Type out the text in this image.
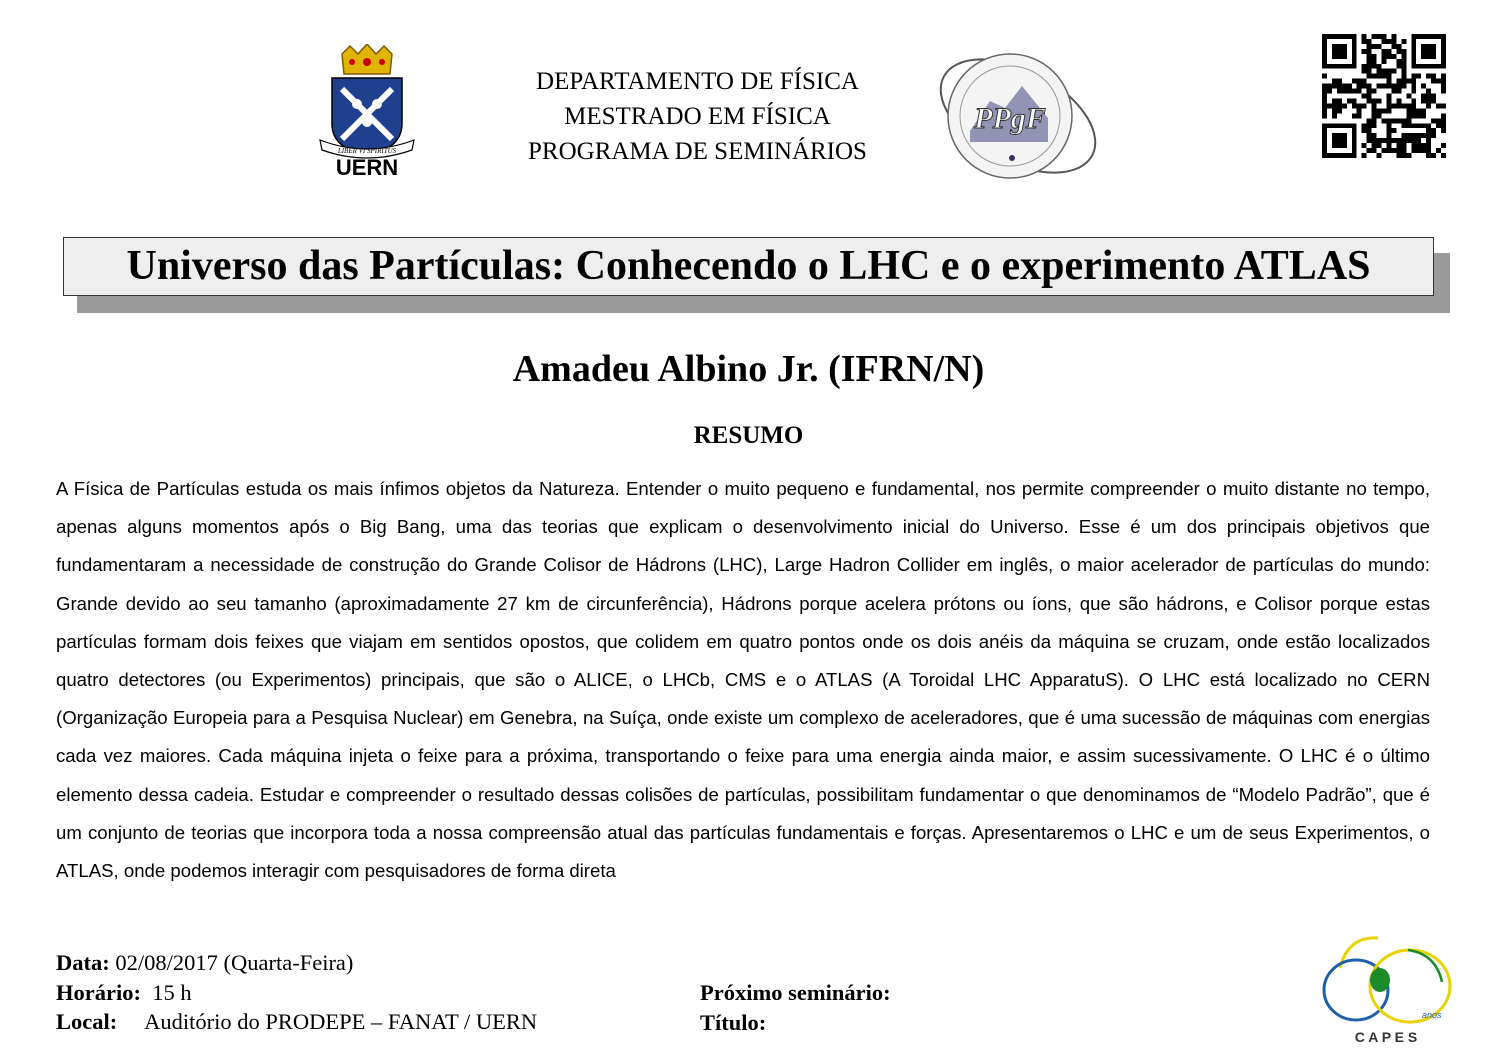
LIBER VI SPIRITUS
UERN
DEPARTAMENTO DE FÍSICA
MESTRADO EM FÍSICA
PROGRAMA DE SEMINÁRIOS
PPgF
Universo das Partículas: Conhecendo o LHC e o experimento ATLAS
Amadeu Albino Jr. (IFRN/N)
RESUMO
A Física de Partículas estuda os mais ínfimos objetos da Natureza. Entender o muito pequeno e fundamental, nos permite compreender o muito distante no tempo, apenas alguns momentos após o Big Bang, uma das teorias que explicam o desenvolvimento inicial do Universo. Esse é um dos principais objetivos que fundamentaram a necessidade de construção do Grande Colisor de Hádrons (LHC), Large Hadron Collider em inglês, o maior acelerador de partículas do mundo: Grande devido ao seu tamanho (aproximadamente 27 km de circunferência), Hádrons porque acelera prótons ou íons, que são hádrons, e Colisor porque estas partículas formam dois feixes que viajam em sentidos opostos, que colidem em quatro pontos onde os dois anéis da máquina se cruzam, onde estão localizados quatro detectores (ou Experimentos) principais, que são o ALICE, o LHCb, CMS e o ATLAS (A Toroidal LHC ApparatuS). O LHC está localizado no CERN (Organização Europeia para a Pesquisa Nuclear) em Genebra, na Suíça, onde existe um complexo de aceleradores, que é uma sucessão de máquinas com energias cada vez maiores. Cada máquina injeta o feixe para a próxima, transportando o feixe para uma energia ainda maior, e assim sucessivamente. O LHC é o último elemento dessa cadeia. Estudar e compreender o resultado dessas colisões de partículas, possibilitam fundamentar o que denominamos de “Modelo Padrão”, que é um conjunto de teorias que incorpora toda a nossa compreensão atual das partículas fundamentais e forças. Apresentaremos o LHC e um de seus Experimentos, o ATLAS, onde podemos interagir com pesquisadores de forma direta
Data: 02/08/2017 (Quarta-Feira)
Horário:  15 h
Local:     Auditório do PRODEPE – FANAT / UERN
Próximo seminário:
Título:	anos
C A P E S
